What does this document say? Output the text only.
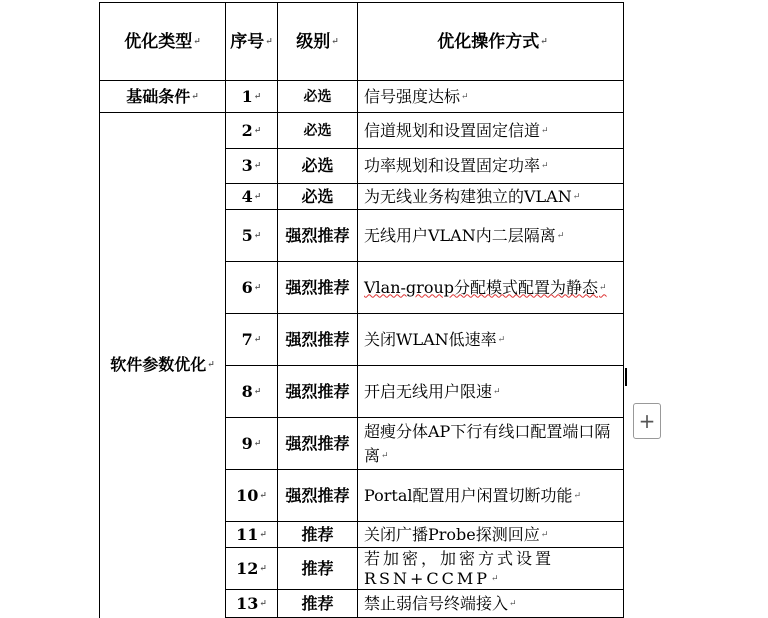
优化类型 ↵	序号 ↵	级别 ↵	优化操作方式 ↵
基础条件 ↵	1 ↵	必选	信号强度达标 ↵
软件参数优化 ↵	2 ↵	必选	信道规划和设置固定信道 ↵
	3 ↵	必选	功率规划和设置固定功率 ↵
	4 ↵	必选	为无线业务构建独立的VLAN ↵
	5 ↵	强烈推荐	无线用户VLAN内二层隔离 ↵
	6 ↵	强烈推荐	Vlan-group分配模式配置为静态 ↵
	7 ↵	强烈推荐	关闭WLAN低速率 ↵
	8 ↵	强烈推荐	开启无线用户限速 ↵
	9 ↵	强烈推荐	超瘦分体AP下行有线口配置端口隔离 ↵
	10 ↵	强烈推荐	Portal配置用户闲置切断功能 ↵
	11 ↵	推荐	关闭广播Probe探测回应 ↵
	12 ↵	推荐	若加密，加密方式设置RSN+CCMP ↵
	13 ↵	推荐	禁止弱信号终端接入 ↵
+
